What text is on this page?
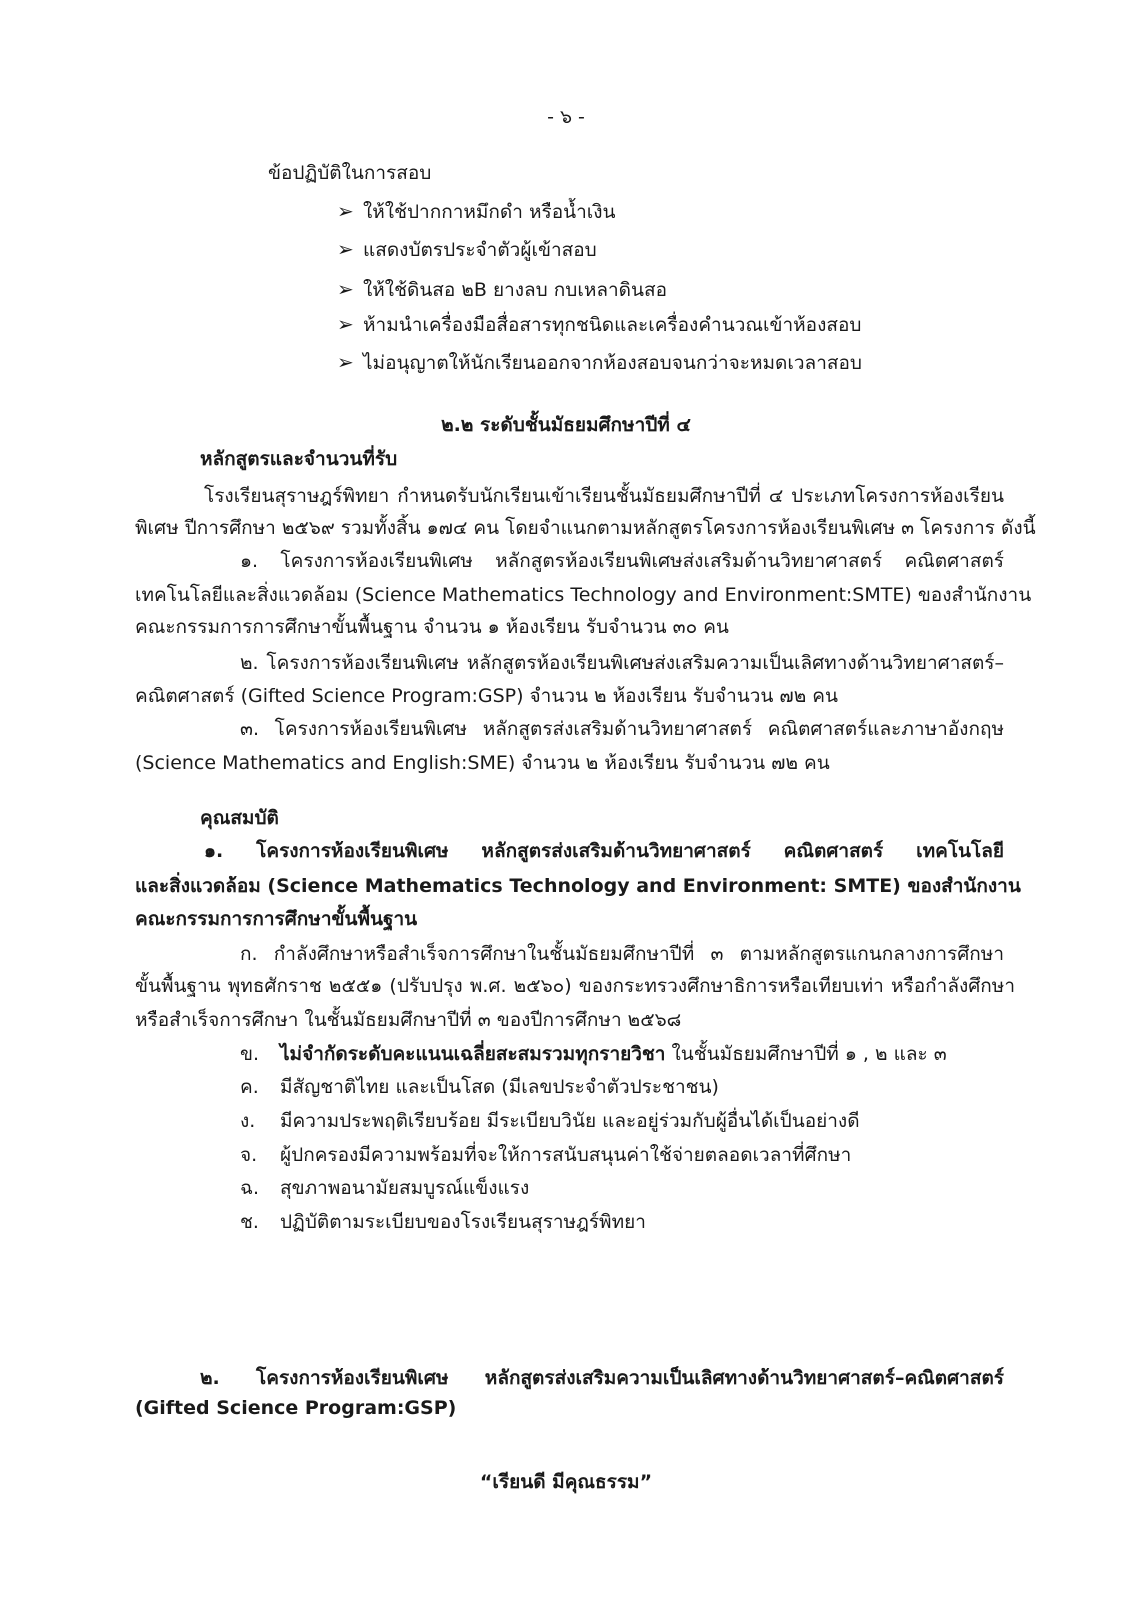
- ๖ -
ข้อปฏิบัติในการสอบ
➢ ให้ใช้ปากกาหมึกดำ หรือน้ำเงิน
➢ แสดงบัตรประจำตัวผู้เข้าสอบ
➢ ให้ใช้ดินสอ ๒B ยางลบ กบเหลาดินสอ
➢ ห้ามนำเครื่องมือสื่อสารทุกชนิดและเครื่องคำนวณเข้าห้องสอบ
➢ ไม่อนุญาตให้นักเรียนออกจากห้องสอบจนกว่าจะหมดเวลาสอบ
๒.๒ ระดับชั้นมัธยมศึกษาปีที่ ๔
หลักสูตรและจำนวนที่รับ
โรงเรียนสุราษฎร์พิทยา กำหนดรับนักเรียนเข้าเรียนชั้นมัธยมศึกษาปีที่ ๔ ประเภทโครงการห้องเรียน
พิเศษ ปีการศึกษา ๒๕๖๙ รวมทั้งสิ้น ๑๗๔ คน โดยจำแนกตามหลักสูตรโครงการห้องเรียนพิเศษ ๓ โครงการ ดังนี้
๑. โครงการห้องเรียนพิเศษ หลักสูตรห้องเรียนพิเศษส่งเสริมด้านวิทยาศาสตร์ คณิตศาสตร์
เทคโนโลยีและสิ่งแวดล้อม (Science Mathematics Technology and Environment:SMTE) ของสำนักงาน
คณะกรรมการการศึกษาขั้นพื้นฐาน จำนวน ๑ ห้องเรียน รับจำนวน ๓๐ คน
๒. โครงการห้องเรียนพิเศษ หลักสูตรห้องเรียนพิเศษส่งเสริมความเป็นเลิศทางด้านวิทยาศาสตร์–
คณิตศาสตร์ (Gifted Science Program:GSP) จำนวน ๒ ห้องเรียน รับจำนวน ๗๒ คน
๓. โครงการห้องเรียนพิเศษ หลักสูตรส่งเสริมด้านวิทยาศาสตร์ คณิตศาสตร์และภาษาอังกฤษ
(Science Mathematics and English:SME) จำนวน ๒ ห้องเรียน รับจำนวน ๗๒ คน
คุณสมบัติ
๑. โครงการห้องเรียนพิเศษ หลักสูตรส่งเสริมด้านวิทยาศาสตร์ คณิตศาสตร์ เทคโนโลยี
และสิ่งแวดล้อม (Science Mathematics Technology and Environment: SMTE) ของสำนักงาน
คณะกรรมการการศึกษาขั้นพื้นฐาน
ก. กำลังศึกษาหรือสำเร็จการศึกษาในชั้นมัธยมศึกษาปีที่ ๓ ตามหลักสูตรแกนกลางการศึกษา
ขั้นพื้นฐาน พุทธศักราช ๒๕๕๑ (ปรับปรุง พ.ศ. ๒๕๖๐) ของกระทรวงศึกษาธิการหรือเทียบเท่า หรือกำลังศึกษา
หรือสำเร็จการศึกษา ในชั้นมัธยมศึกษาปีที่ ๓ ของปีการศึกษา ๒๕๖๘
ข. ไม่จำกัดระดับคะแนนเฉลี่ยสะสมรวมทุกรายวิชา ในชั้นมัธยมศึกษาปีที่ ๑ , ๒ และ ๓
ค. มีสัญชาติไทย และเป็นโสด (มีเลขประจำตัวประชาชน)
ง. มีความประพฤติเรียบร้อย มีระเบียบวินัย และอยู่ร่วมกับผู้อื่นได้เป็นอย่างดี
จ. ผู้ปกครองมีความพร้อมที่จะให้การสนับสนุนค่าใช้จ่ายตลอดเวลาที่ศึกษา
ฉ. สุขภาพอนามัยสมบูรณ์แข็งแรง
ช. ปฏิบัติตามระเบียบของโรงเรียนสุราษฎร์พิทยา
๒. โครงการห้องเรียนพิเศษ หลักสูตรส่งเสริมความเป็นเลิศทางด้านวิทยาศาสตร์–คณิตศาสตร์
(Gifted Science Program:GSP)
“เรียนดี มีคุณธรรม”
